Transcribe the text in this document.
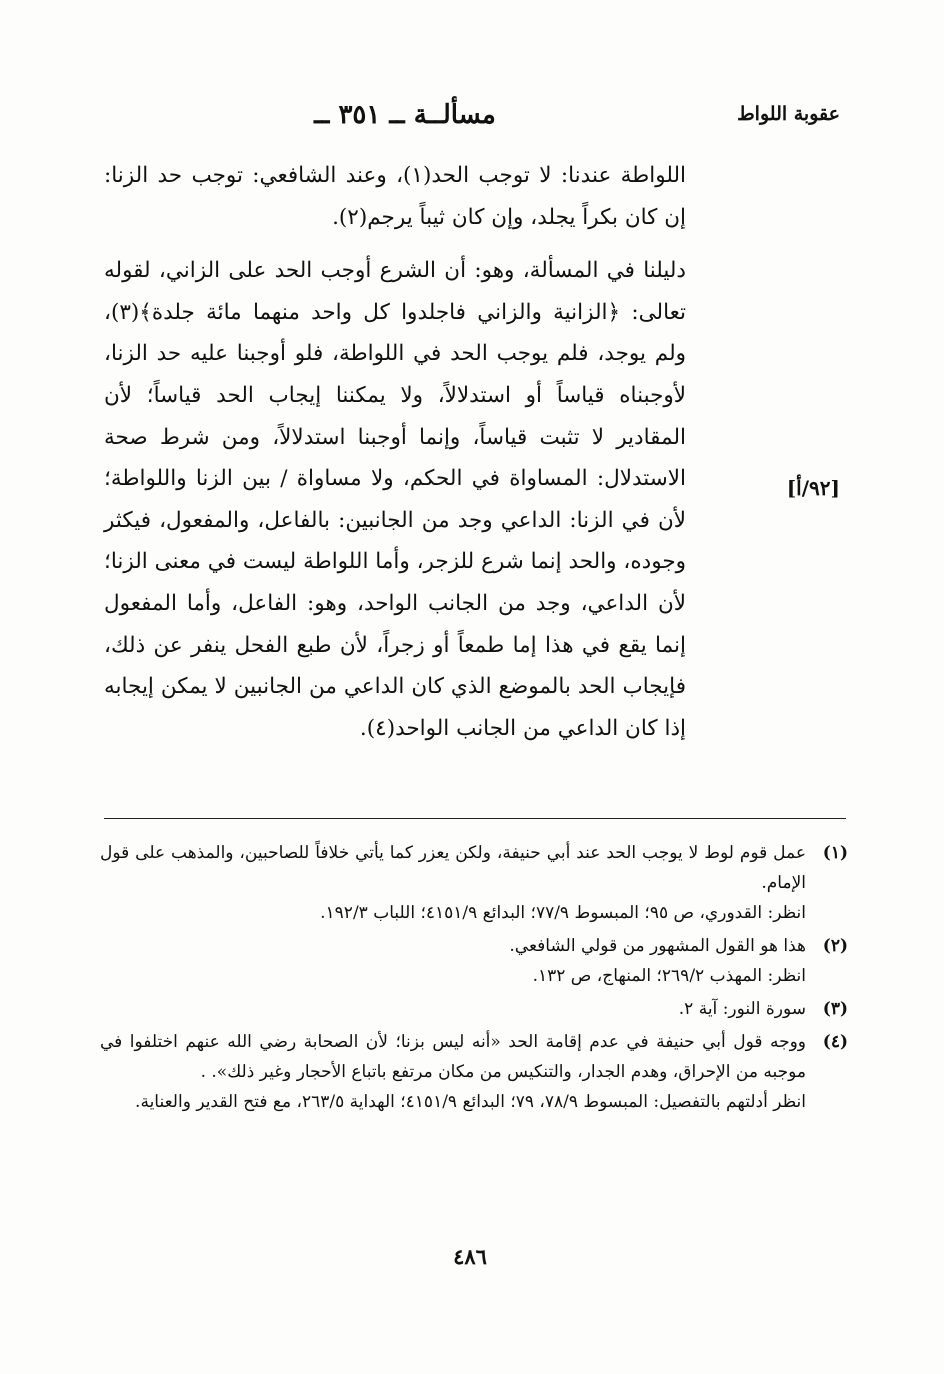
عقوبة اللواط
مسألــة ــ ٣٥١ ــ

اللواطة عندنا: لا توجب الحد(١)، وعند الشافعي: توجب حد الزنا: إن كان بكراً يجلد، وإن كان ثيباً يرجم(٢).

دليلنا في المسألة، وهو: أن الشرع أوجب الحد على الزاني، لقوله تعالى: ﴿الزانية والزاني فاجلدوا كل واحد منهما مائة جلدة﴾(٣)، ولم يوجد، فلم يوجب الحد في اللواطة، فلو أوجبنا عليه حد الزنا، لأوجبناه قياساً أو استدلالاً، ولا يمكننا إيجاب الحد قياساً؛ لأن المقادير لا تثبت قياساً، وإنما أوجبنا استدلالاً، ومن شرط صحة الاستدلال: المساواة في الحكم، ولا مساواة / بين الزنا واللواطة؛ لأن في الزنا: الداعي وجد من الجانبين: بالفاعل، والمفعول، فيكثر وجوده، والحد إنما شرع للزجر، وأما اللواطة ليست في معنى الزنا؛ لأن الداعي، وجد من الجانب الواحد، وهو: الفاعل، وأما المفعول إنما يقع في هذا إما طمعاً أو زجراً، لأن طبع الفحل ينفر عن ذلك، فإيجاب الحد بالموضع الذي كان الداعي من الجانبين لا يمكن إيجابه إذا كان الداعي من الجانب الواحد(٤).

[٩٢/أ]
(١)

عمل قوم لوط لا يوجب الحد عند أبي حنيفة، ولكن يعزر كما يأتي خلافاً للصاحبين، والمذهب على قول الإمام.

انظر: القدوري، ص ٩٥؛ المبسوط ٧٧/٩؛ البدائع ٤١٥١/٩؛ اللباب ١٩٢/٣.

(٢)

هذا هو القول المشهور من قولي الشافعي.

انظر: المهذب ٢٦٩/٢؛ المنهاج، ص ١٣٢.

(٣)

سورة النور: آية ٢.

(٤)

ووجه قول أبي حنيفة في عدم إقامة الحد «أنه ليس بزنا؛ لأن الصحابة رضي الله عنهم اختلفوا في موجبه من الإحراق، وهدم الجدار، والتنكيس من مكان مرتفع باتباع الأحجار وغير ذلك». .

انظر أدلتهم بالتفصيل: المبسوط ٧٨/٩، ٧٩؛ البدائع ٤١٥١/٩؛ الهداية ٢٦٣/٥، مع فتح القدير والعناية.

٤٨٦
